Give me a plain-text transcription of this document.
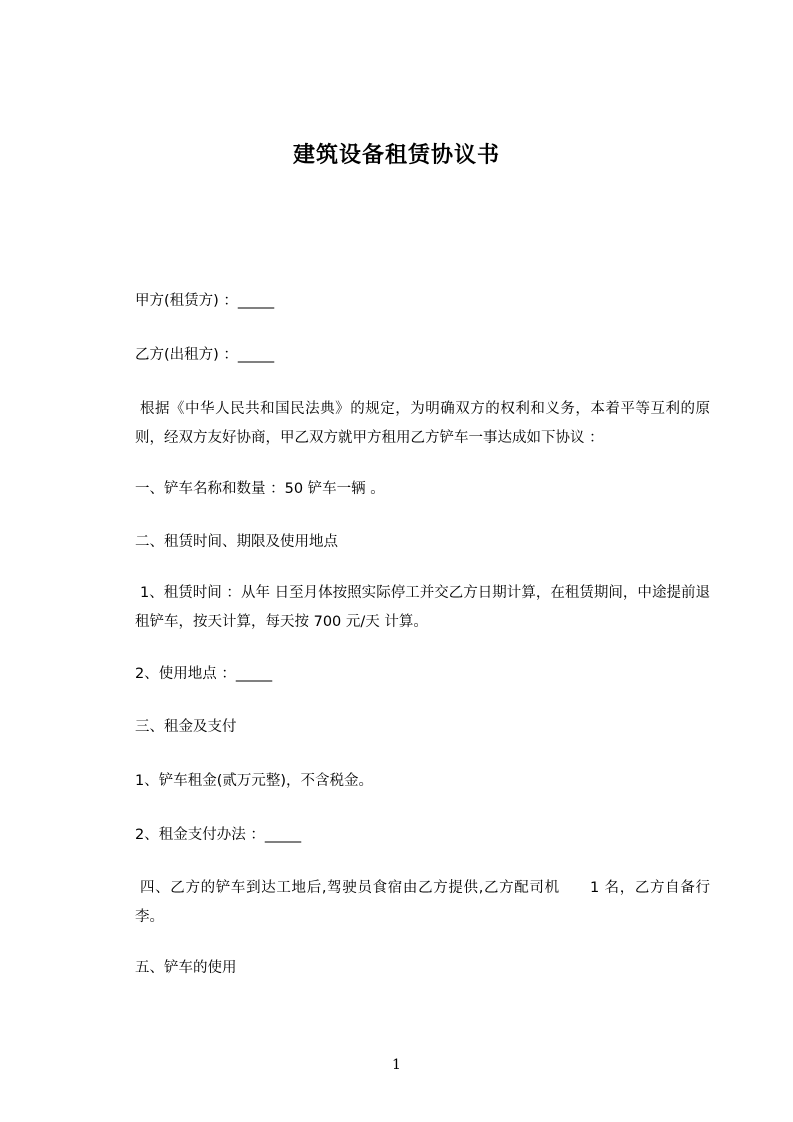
建筑设备租赁协议书
甲方(租赁方) ：_____
乙方(出租方) ：_____
根据《中华人民共和国民法典》的规定，为明确双方的权利和义务，本着平等互利的原则，经双方友好协商，甲乙双方就甲方租用乙方铲车一事达成如下协议 ：
一、铲车名称和数量 ：50 铲车一辆 。
二、租赁时间、期限及使用地点
1、租赁时间 ：从年 日至月体按照实际停工并交乙方日期计算，在租赁期间，中途提前退租铲车，按天计算，每天按 700 元/天 计算。
2、使用地点 ：_____
三、租金及支付
1、铲车租金(贰万元整)，不含税金。
2、租金支付办法 ：_____
四、乙方的铲车到达工地后,驾驶员食宿由乙方提供,乙方配司机　　1 名，乙方自备行李。
五、铲车的使用
1
